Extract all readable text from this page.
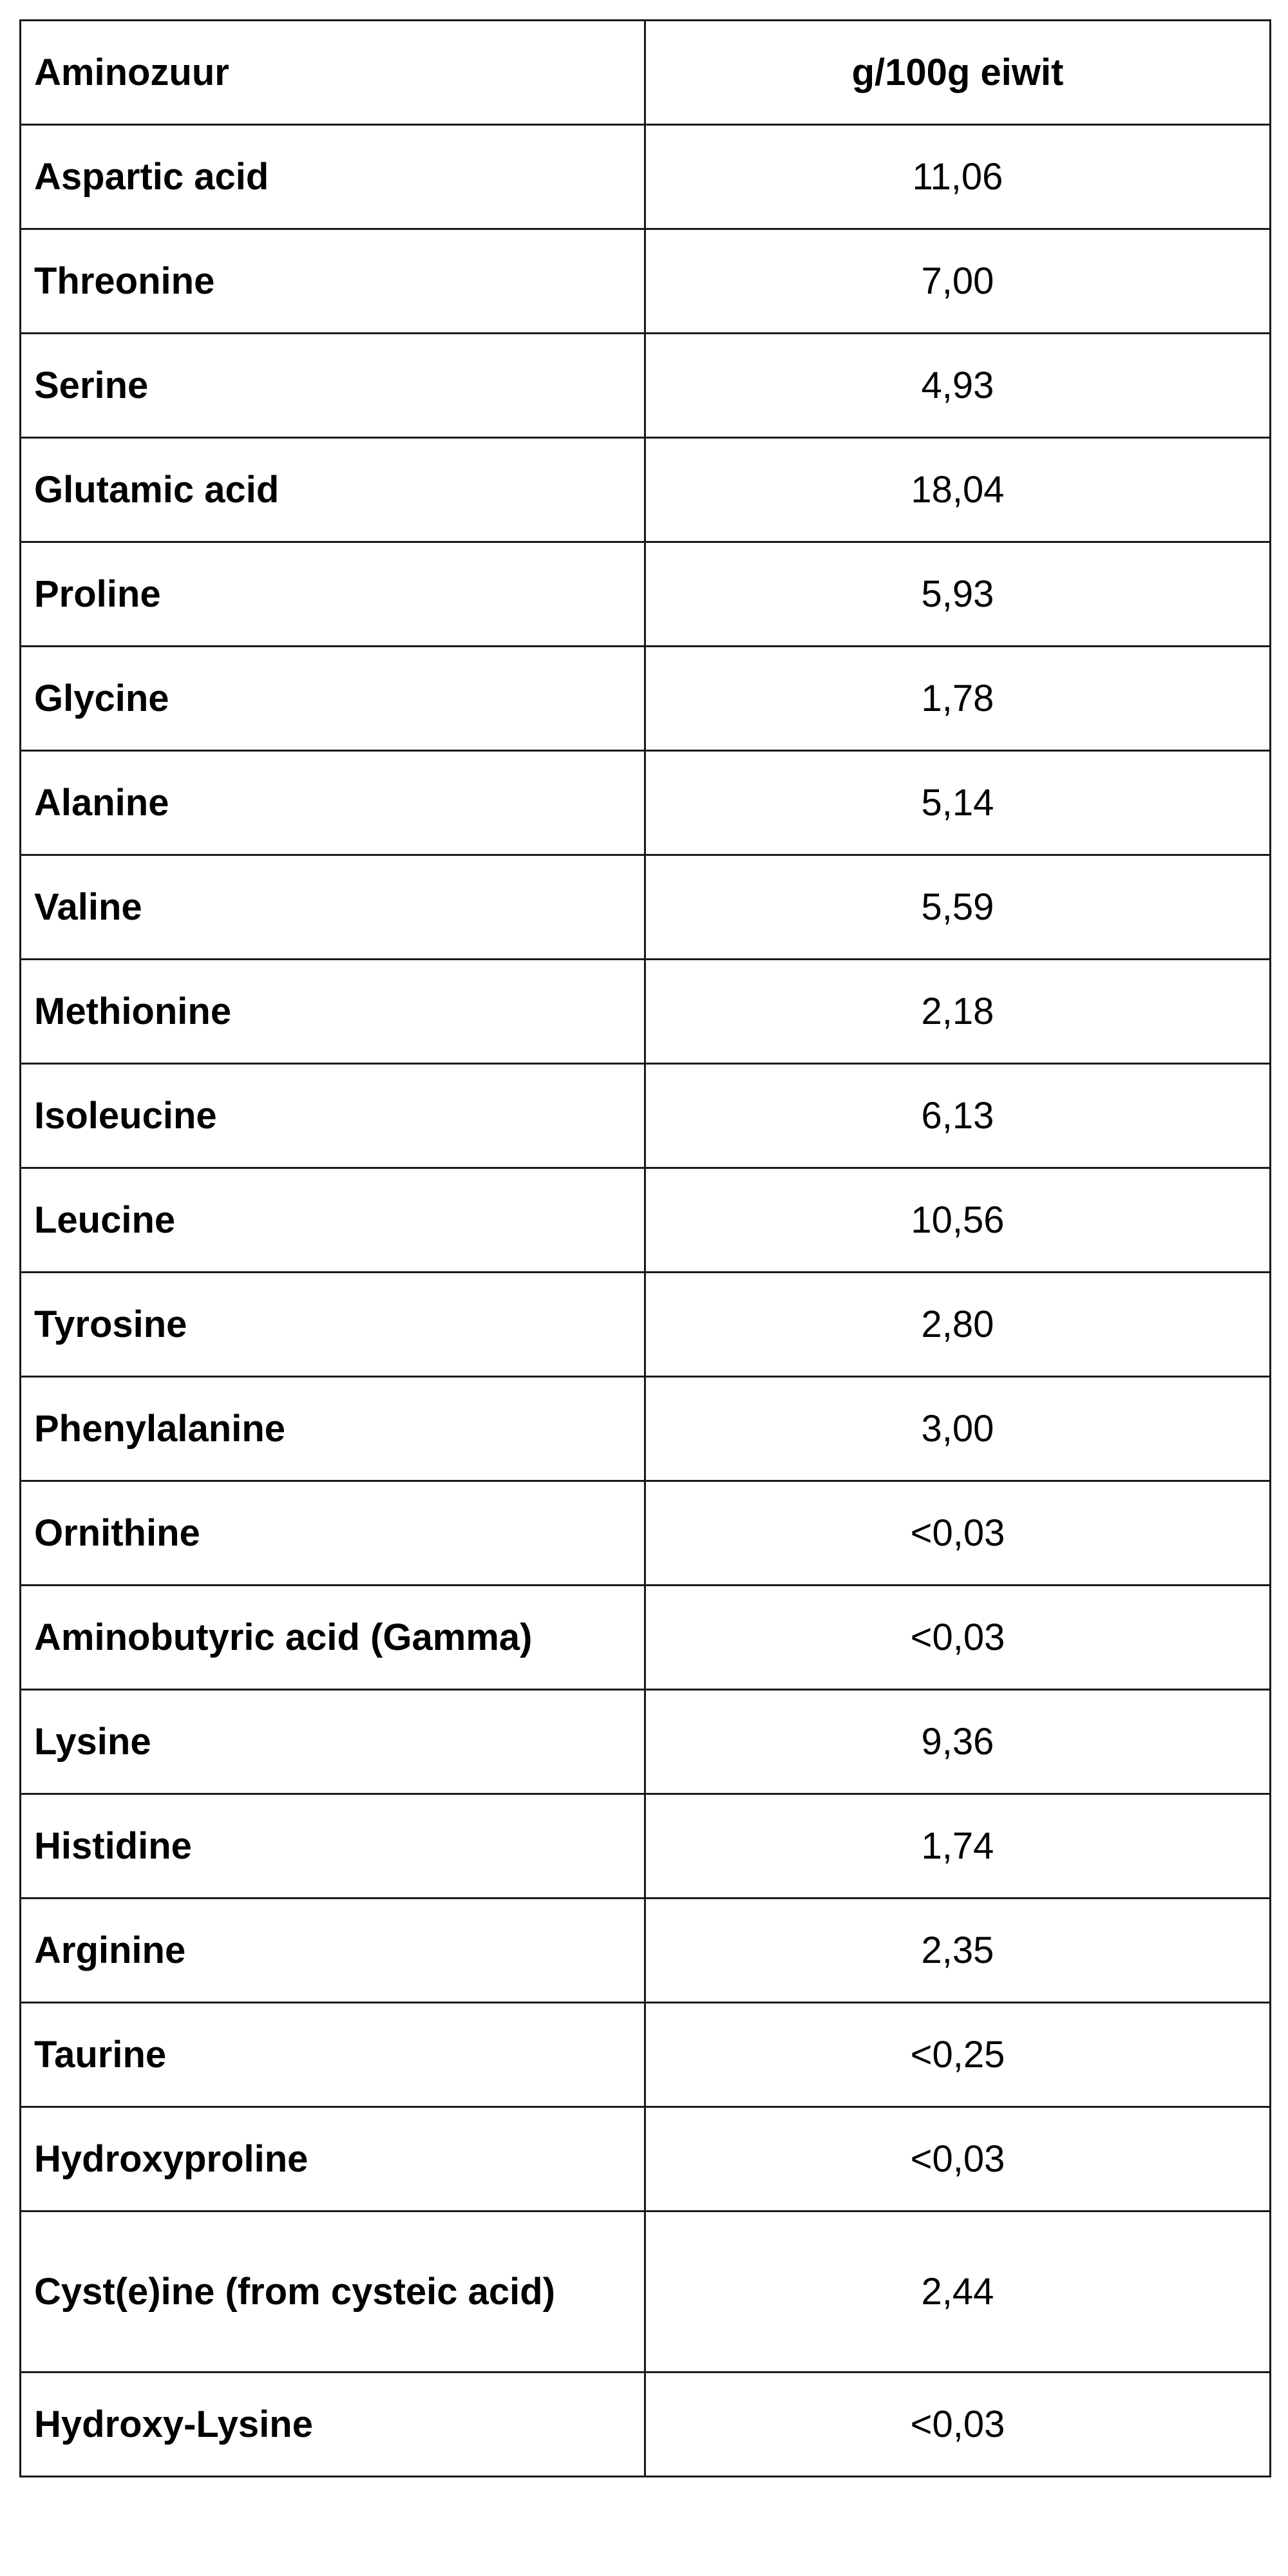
Aminozuur	g/100g eiwit
Aspartic acid	11,06
Threonine	7,00
Serine	4,93
Glutamic acid	18,04
Proline	5,93
Glycine	1,78
Alanine	5,14
Valine	5,59
Methionine	2,18
Isoleucine	6,13
Leucine	10,56
Tyrosine	2,80
Phenylalanine	3,00
Ornithine	<0,03
Aminobutyric acid (Gamma)	<0,03
Lysine	9,36
Histidine	1,74
Arginine	2,35
Taurine	<0,25
Hydroxyproline	<0,03
Cyst(e)ine (from cysteic acid)	2,44
Hydroxy-Lysine	<0,03
